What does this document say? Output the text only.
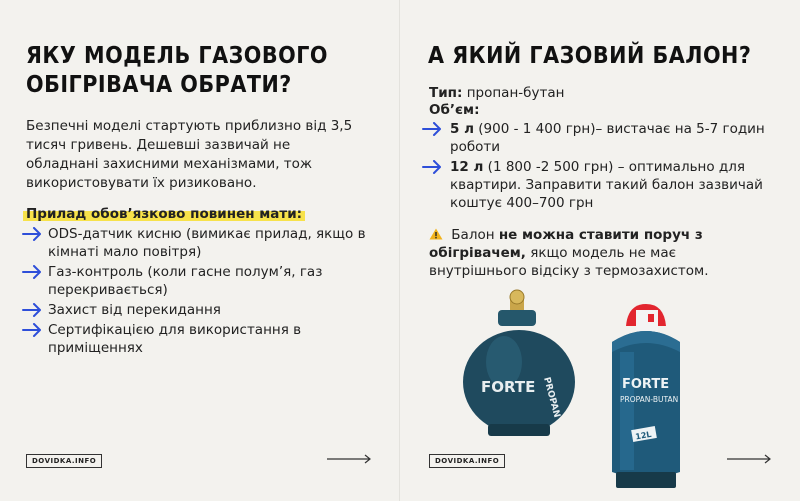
ЯКУ МОДЕЛЬ ГАЗОВОГО
ОБІГРІВАЧА ОБРАТИ?

Безпечні моделі стартують приблизно від 3,5 тисяч гривень. Дешевші зазвичай не обладнані захисними механізмами, тож використовувати їх ризиковано.

Прилад обов’язково повинен мати:
ODS-датчик кисню (вимикає прилад, якщо в кімнаті мало повітря)
Газ-контроль (коли гасне полум’я, газ перекривається)
Захист від перекидання
Сертифікацією для використання в приміщеннях
DOVIDKA.INFO
А ЯКИЙ ГАЗОВИЙ БАЛОН?
Тип: пропан-бутан
Об’єм:
5 л (900 - 1 400 грн)– вистачає на 5-7 годин роботи
12 л (1 800 -2 500 грн) – оптимально для квартири. Заправити такий балон зазвичай коштує 400–700 грн
Балон не можна ставити поруч з обігрівачем, якщо модель не має внутрішнього відсіку з термозахистом.
FORTE PROPAN	FORTE
PROPAN-BUTAN
12L
DOVIDKA.INFO
